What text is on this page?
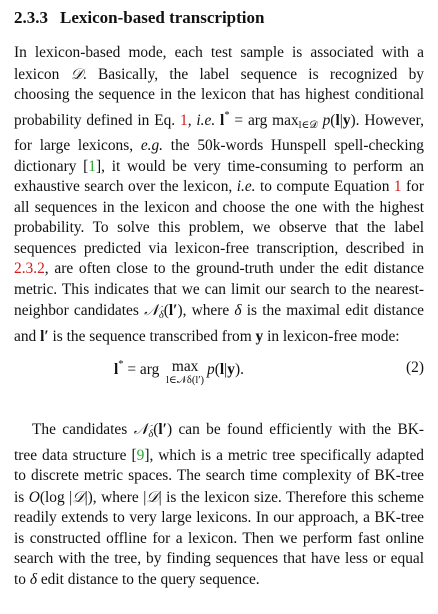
2.3.3 Lexicon-based transcription

In lexicon-based mode, each test sample is associated with a lexicon 𝒟. Basically, the label sequence is recognized by choosing the sequence in the lexicon that has highest conditional probability defined in Eq. 1, i.e. l* = arg $\max_{l\in 𝒟} p(l|y)$. However, for large lexicons, e.g. the 50k-words Hunspell spell-checking dictionary [1], it would be very time-consuming to perform an exhaustive search over the lexicon, i.e. to compute Equation 1 for all sequences in the lexicon and choose the one with the highest probability. To solve this problem, we observe that the label sequences predicted via lexicon-free transcription, described in 2.3.2, are often close to the ground-truth under the edit distance metric. This indicates that we can limit our search to the nearest-neighbor candidates 𝒩$_\delta$(l′), where δ is the maximal edit distance and l′ is the sequence transcribed from y in lexicon-free mode:

l* = arg max
l∈𝒩δ(l′)
p(l|y).	(2)

The candidates 𝒩$_\delta$(l′) can be found efficiently with the BK-tree data structure [9], which is a metric tree specifically adapted to discrete metric spaces. The search time complexity of BK-tree is O(log |𝒟|), where |𝒟| is the lexicon size. Therefore this scheme readily extends to very large lexicons. In our approach, a BK-tree is constructed offline for a lexicon. Then we perform fast online search with the tree, by finding sequences that have less or equal to δ edit distance to the query sequence.
